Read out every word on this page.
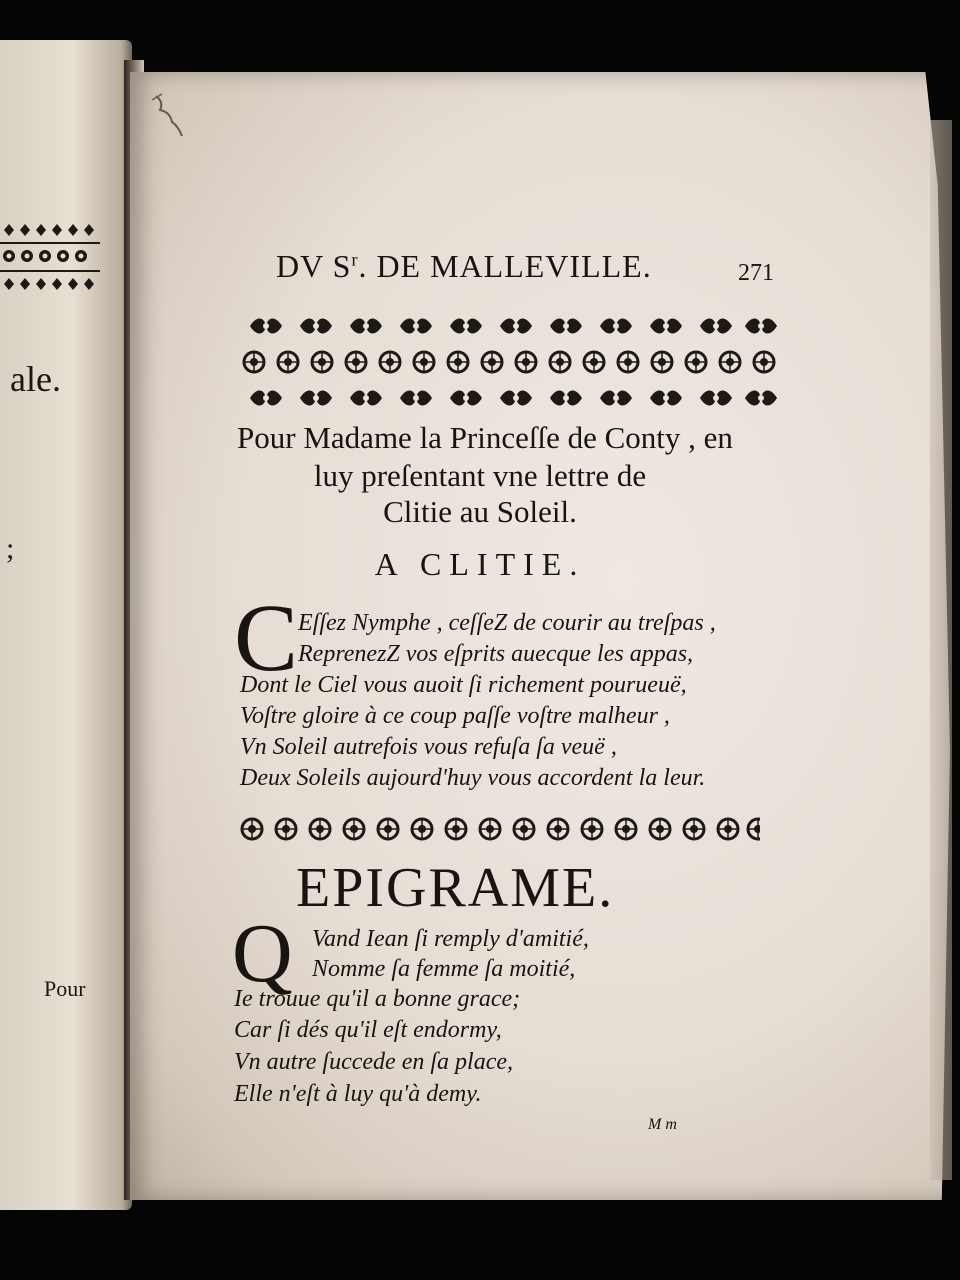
ale.
;
Pour
DV $S^r$. DE MALLEVILLE.	271
Pour Madame la Princeſſe de Conty , en
luy preſentant vne lettre de
Clitie au Soleil.
A CLITIE.
C Eſſez Nymphe , ceſſeZ de courir au treſpas ,
ReprenezZ vos eſprits auecque les appas,
Dont le Ciel vous auoit ſi richement pourueuë,
Voſtre gloire à ce coup paſſe voſtre malheur ,
Vn Soleil autrefois vous refuſa ſa veuë ,
Deux Soleils aujourd'huy vous accordent la leur.
EPIGRAME.
Q Vand Iean ſi remply d'amitié,
Nomme ſa femme ſa moitié,
Ie trouue qu'il a bonne grace;
Car ſi dés qu'il eſt endormy,
Vn autre ſuccede en ſa place,
Elle n'eſt à luy qu'à demy.
M m
